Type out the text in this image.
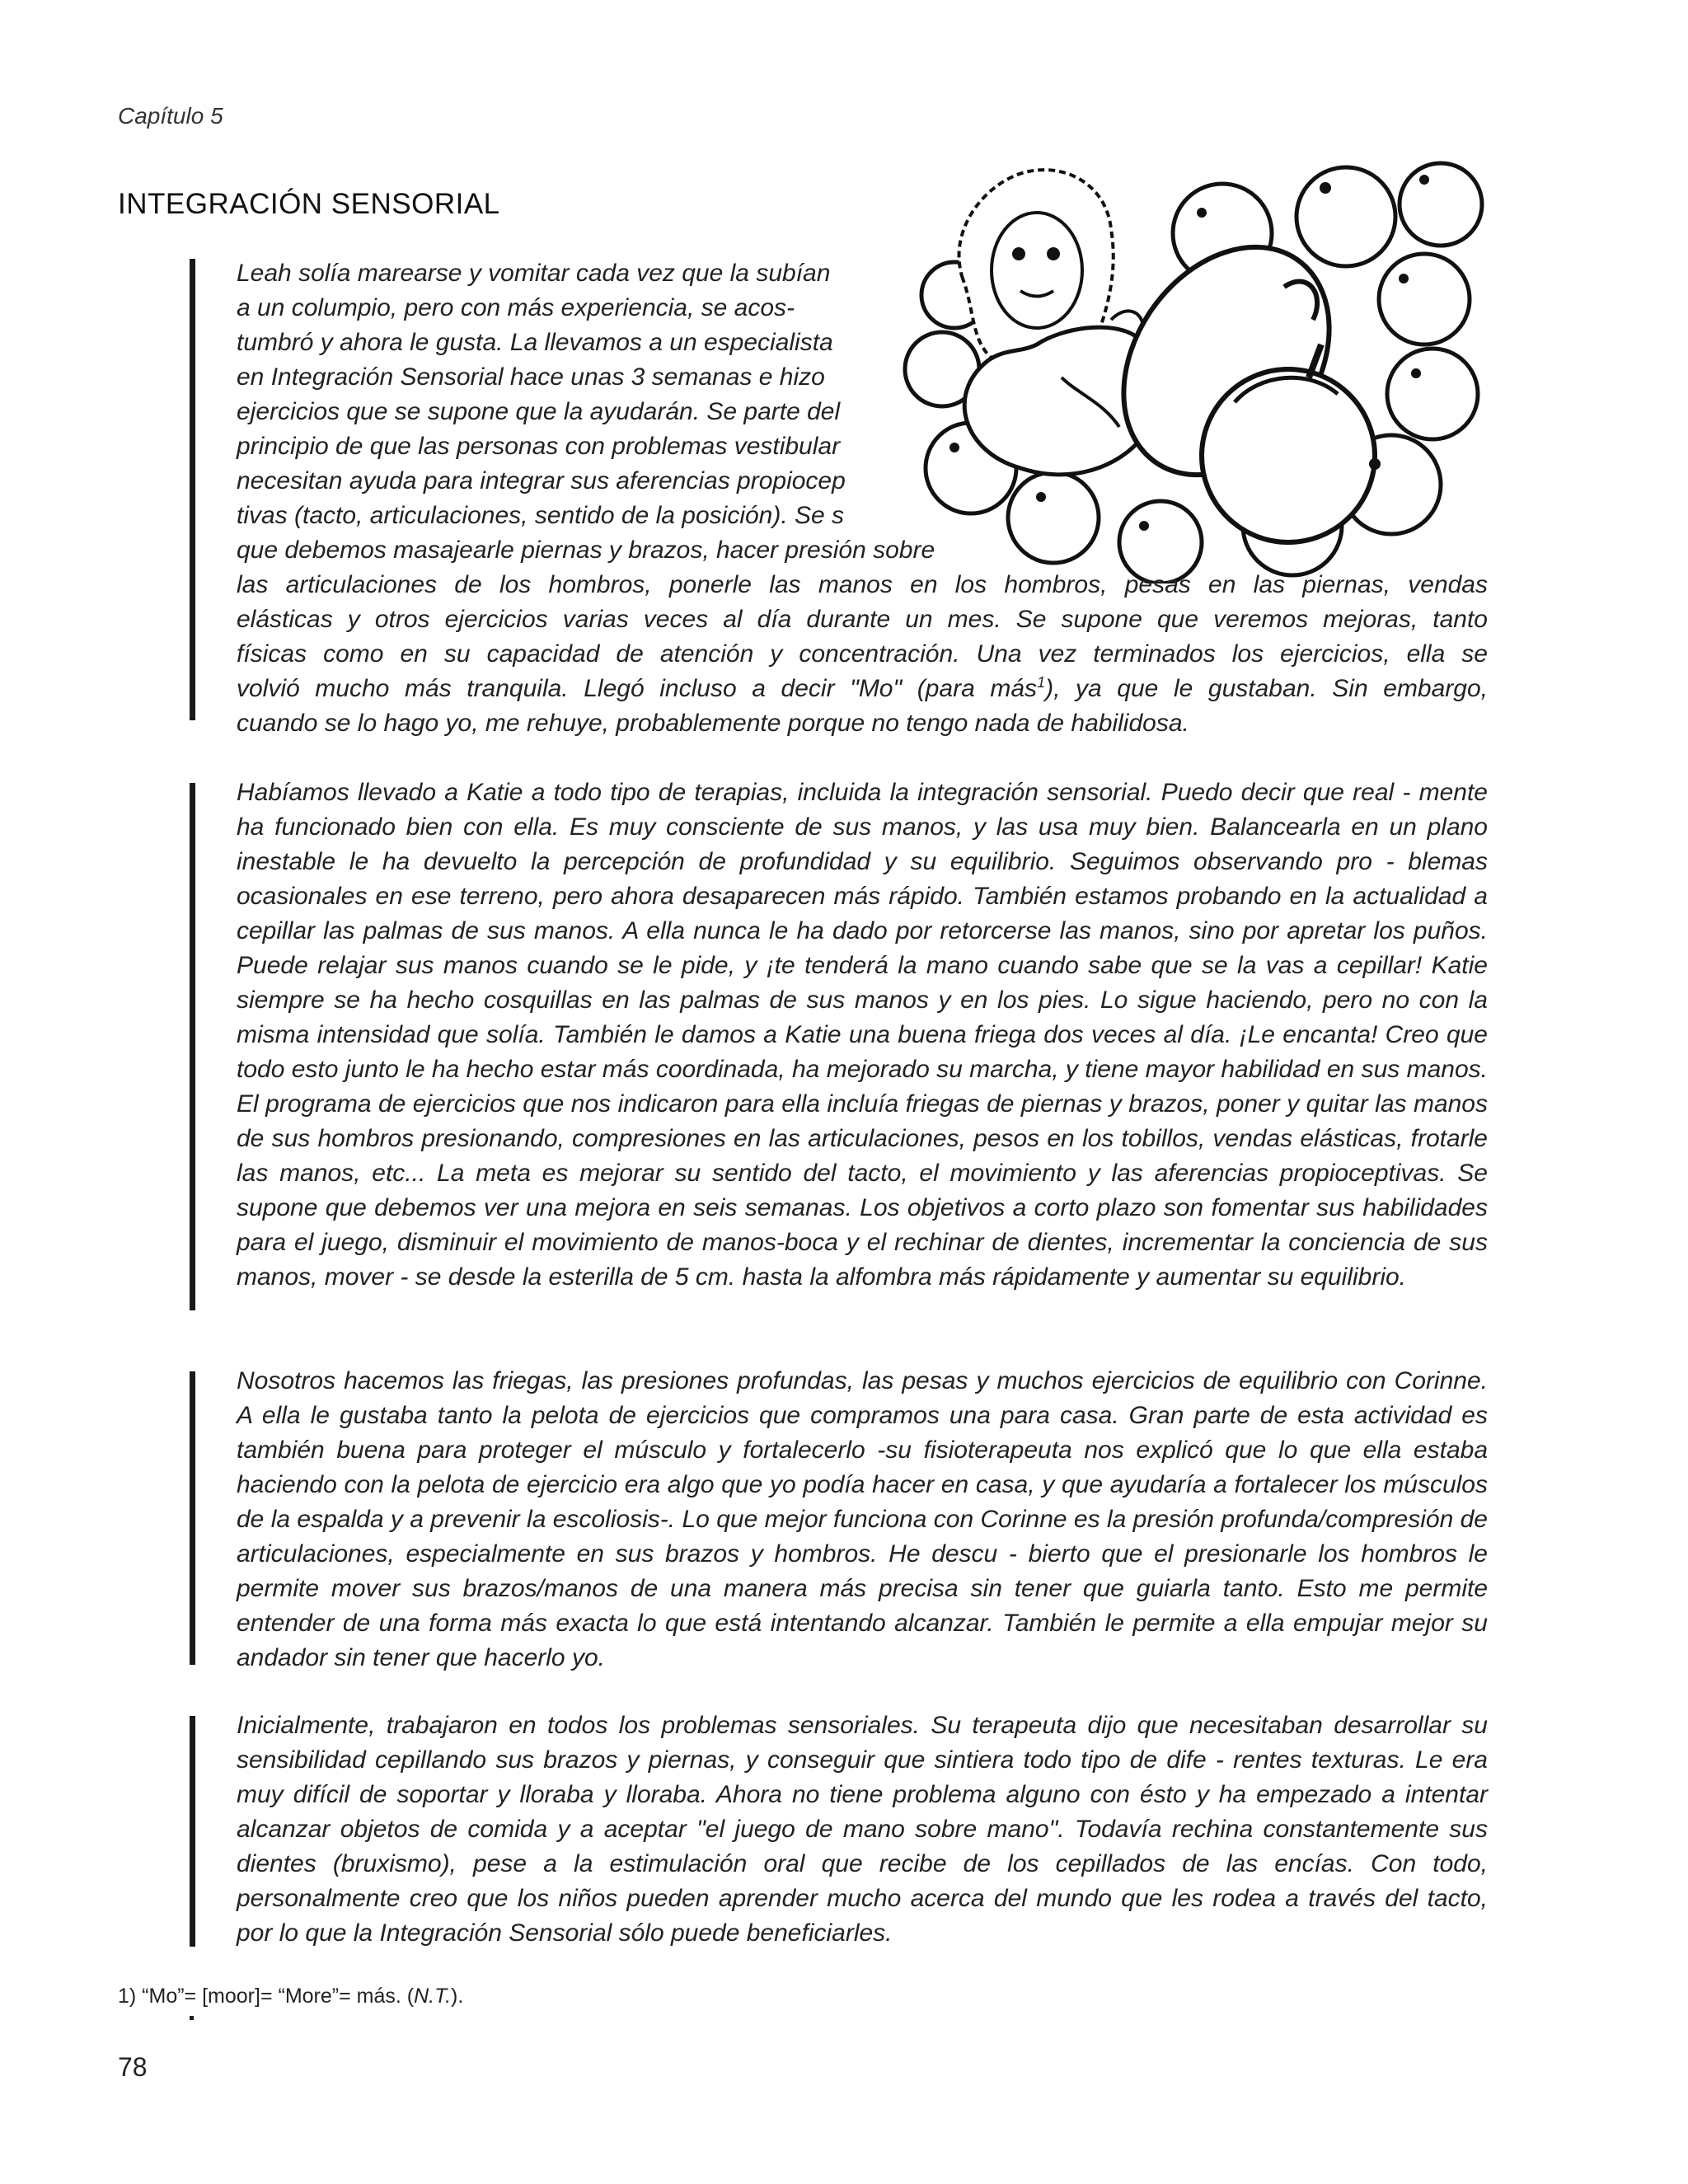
Capítulo 5
INTEGRACIÓN SENSORIAL
Leah solía marearse y vomitar cada vez que la subían
a un columpio, pero con más experiencia, se acos-
tumbró y ahora le gusta. La llevamos a un especialista
en Integración Sensorial hace unas 3 semanas e hizo
ejercicios que se supone que la ayudarán. Se parte del
principio de que las personas con problemas vestibular
necesitan ayuda para integrar sus aferencias propiocep
tivas (tacto, articulaciones, sentido de la posición). Se s
que debemos masajearle piernas y brazos, hacer presión sobre
las articulaciones de los hombros, ponerle las manos en los hombros, pesas en las piernas, vendas
elásticas y otros ejercicios varias veces al día durante un mes. Se supone que veremos mejoras, tanto
físicas como en su capacidad de atención y concentración. Una vez terminados los ejercicios, ella se
volvió mucho más tranquila. Llegó incluso a decir "Mo" (para más$^1$), ya que le gustaban. Sin embargo,
cuando se lo hago yo, me rehuye, probablemente porque no tengo nada de habilidosa.

Habíamos llevado a Katie a todo tipo de terapias, incluida la integración sensorial. Puedo decir que real - mente ha funcionado bien con ella. Es muy consciente de sus manos, y las usa muy bien. Balancearla en un plano inestable le ha devuelto la percepción de profundidad y su equilibrio. Seguimos observando pro - blemas ocasionales en ese terreno, pero ahora desaparecen más rápido. También estamos probando en la actualidad a cepillar las palmas de sus manos. A ella nunca le ha dado por retorcerse las manos, sino por apretar los puños. Puede relajar sus manos cuando se le pide, y ¡te tenderá la mano cuando sabe que se la vas a cepillar! Katie siempre se ha hecho cosquillas en las palmas de sus manos y en los pies. Lo sigue haciendo, pero no con la misma intensidad que solía. También le damos a Katie una buena friega dos veces al día. ¡Le encanta! Creo que todo esto junto le ha hecho estar más coordinada, ha mejorado su marcha, y tiene mayor habilidad en sus manos. El programa de ejercicios que nos indicaron para ella incluía friegas de piernas y brazos, poner y quitar las manos de sus hombros presionando, compresiones en las articulaciones, pesos en los tobillos, vendas elásticas, frotarle las manos, etc... La meta es mejorar su sentido del tacto, el movimiento y las aferencias propioceptivas. Se supone que debemos ver una mejora en seis semanas. Los objetivos a corto plazo son fomentar sus habilidades para el juego, disminuir el movimiento de manos-boca y el rechinar de dientes, incrementar la conciencia de sus manos, mover - se desde la esterilla de 5 cm. hasta la alfombra más rápidamente y aumentar su equilibrio.

Nosotros hacemos las friegas, las presiones profundas, las pesas y muchos ejercicios de equilibrio con Corinne. A ella le gustaba tanto la pelota de ejercicios que compramos una para casa. Gran parte de esta actividad es también buena para proteger el músculo y fortalecerlo -su fisioterapeuta nos explicó que lo que ella estaba haciendo con la pelota de ejercicio era algo que yo podía hacer en casa, y que ayudaría a fortalecer los músculos de la espalda y a prevenir la escoliosis-. Lo que mejor funciona con Corinne es la presión profunda/compresión de articulaciones, especialmente en sus brazos y hombros. He descu - bierto que el presionarle los hombros le permite mover sus brazos/manos de una manera más precisa sin tener que guiarla tanto. Esto me permite entender de una forma más exacta lo que está intentando alcanzar. También le permite a ella empujar mejor su andador sin tener que hacerlo yo.

Inicialmente, trabajaron en todos los problemas sensoriales. Su terapeuta dijo que necesitaban desarrollar su sensibilidad cepillando sus brazos y piernas, y conseguir que sintiera todo tipo de dife - rentes texturas. Le era muy difícil de soportar y lloraba y lloraba. Ahora no tiene problema alguno con ésto y ha empezado a intentar alcanzar objetos de comida y a aceptar "el juego de mano sobre mano". Todavía rechina constantemente sus dientes (bruxismo), pese a la estimulación oral que recibe de los cepillados de las encías. Con todo, personalmente creo que los niños pueden aprender mucho acerca del mundo que les rodea a través del tacto, por lo que la Integración Sensorial sólo puede beneficiarles.

1) “Mo”= [moor]= “More”= más. (N.T.).
78
